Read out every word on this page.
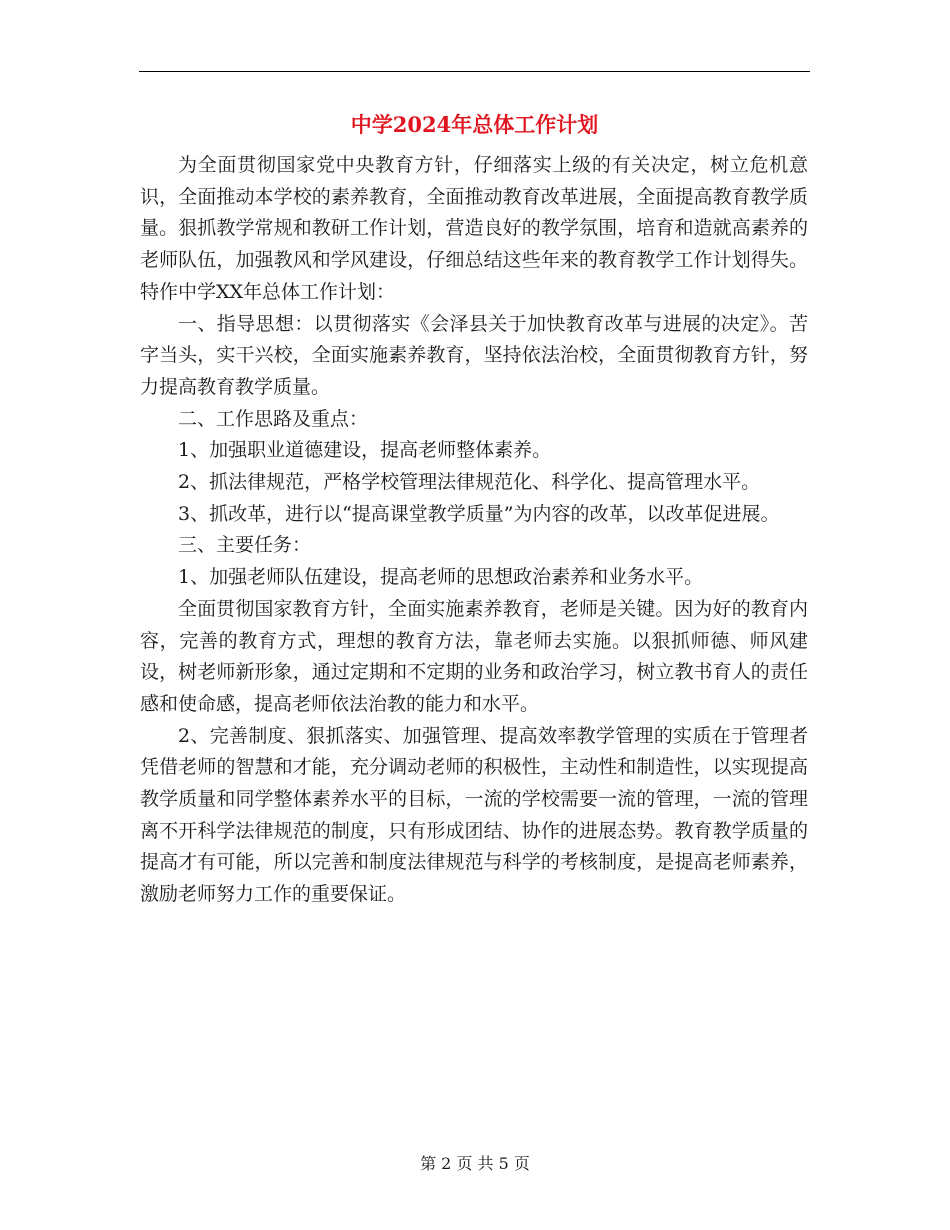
中学2024年总体工作计划

为全面贯彻国家党中央教育方针，仔细落实上级的有关决定，树立危机意识，全面推动本学校的素养教育，全面推动教育改革进展，全面提高教育教学质量。狠抓教学常规和教研工作计划，营造良好的教学氛围，培育和造就高素养的老师队伍，加强教风和学风建设，仔细总结这些年来的教育教学工作计划得失。特作中学XX年总体工作计划：

一、指导思想：以贯彻落实《会泽县关于加快教育改革与进展的决定》。苦字当头，实干兴校，全面实施素养教育，坚持依法治校，全面贯彻教育方针，努力提高教育教学质量。

二、工作思路及重点：

1、加强职业道德建设，提高老师整体素养。

2、抓法律规范，严格学校管理法律规范化、科学化、提高管理水平。

3、抓改革，进行以“提高课堂教学质量”为内容的改革，以改革促进展。

三、主要任务：

1、加强老师队伍建设，提高老师的思想政治素养和业务水平。

全面贯彻国家教育方针，全面实施素养教育，老师是关键。因为好的教育内容，完善的教育方式，理想的教育方法，靠老师去实施。以狠抓师德、师风建设，树老师新形象，通过定期和不定期的业务和政治学习，树立教书育人的责任感和使命感，提高老师依法治教的能力和水平。

2、完善制度、狠抓落实、加强管理、提高效率教学管理的实质在于管理者凭借老师的智慧和才能，充分调动老师的积极性，主动性和制造性，以实现提高教学质量和同学整体素养水平的目标，一流的学校需要一流的管理，一流的管理离不开科学法律规范的制度，只有形成团结、协作的进展态势。教育教学质量的提高才有可能，所以完善和制度法律规范与科学的考核制度，是提高老师素养，激励老师努力工作的重要保证。

第 2 页 共 5 页
